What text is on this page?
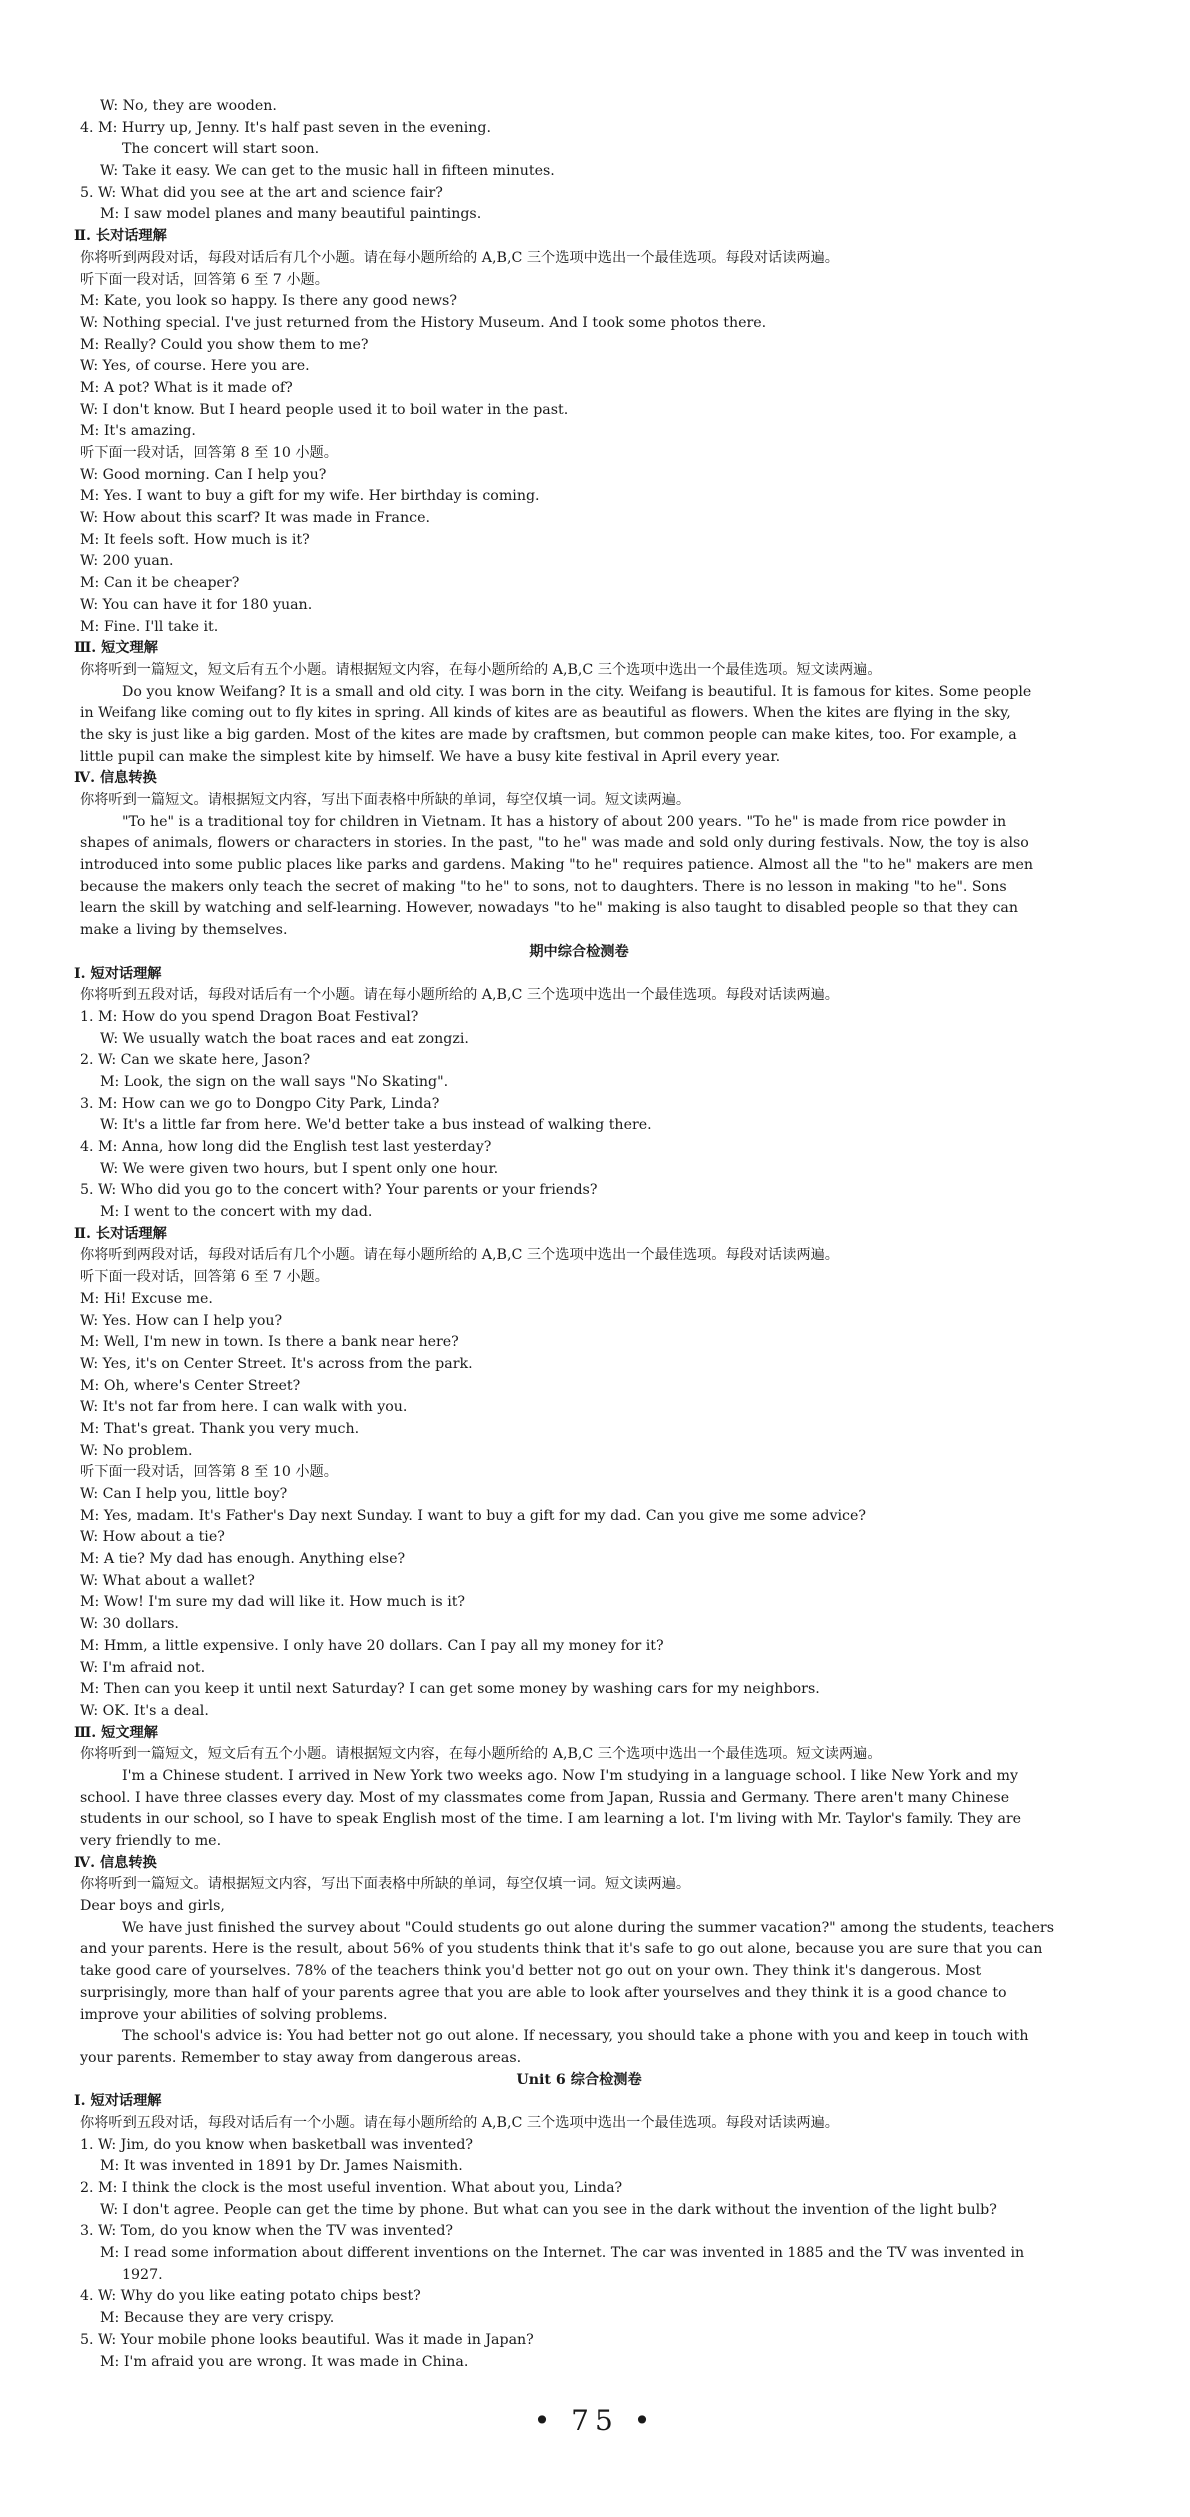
W: No, they are wooden.
4. M: Hurry up, Jenny. It's half past seven in the evening.
The concert will start soon.
W: Take it easy. We can get to the music hall in fifteen minutes.
5. W: What did you see at the art and science fair?
M: I saw model planes and many beautiful paintings.
Ⅱ. 长对话理解
你将听到两段对话，每段对话后有几个小题。请在每小题所给的 A,B,C 三个选项中选出一个最佳选项。每段对话读两遍。
听下面一段对话，回答第 6 至 7 小题。
M: Kate, you look so happy. Is there any good news?
W: Nothing special. I've just returned from the History Museum. And I took some photos there.
M: Really? Could you show them to me?
W: Yes, of course. Here you are.
M: A pot? What is it made of?
W: I don't know. But I heard people used it to boil water in the past.
M: It's amazing.
听下面一段对话，回答第 8 至 10 小题。
W: Good morning. Can I help you?
M: Yes. I want to buy a gift for my wife. Her birthday is coming.
W: How about this scarf? It was made in France.
M: It feels soft. How much is it?
W: 200 yuan.
M: Can it be cheaper?
W: You can have it for 180 yuan.
M: Fine. I'll take it.
Ⅲ. 短文理解
你将听到一篇短文，短文后有五个小题。请根据短文内容，在每小题所给的 A,B,C 三个选项中选出一个最佳选项。短文读两遍。
Do you know Weifang? It is a small and old city. I was born in the city. Weifang is beautiful. It is famous for kites. Some people
in Weifang like coming out to fly kites in spring. All kinds of kites are as beautiful as flowers. When the kites are flying in the sky,
the sky is just like a big garden. Most of the kites are made by craftsmen, but common people can make kites, too. For example, a
little pupil can make the simplest kite by himself. We have a busy kite festival in April every year.
Ⅳ. 信息转换
你将听到一篇短文。请根据短文内容，写出下面表格中所缺的单词，每空仅填一词。短文读两遍。
"To he" is a traditional toy for children in Vietnam. It has a history of about 200 years. "To he" is made from rice powder in
shapes of animals, flowers or characters in stories. In the past, "to he" was made and sold only during festivals. Now, the toy is also
introduced into some public places like parks and gardens. Making "to he" requires patience. Almost all the "to he" makers are men
because the makers only teach the secret of making "to he" to sons, not to daughters. There is no lesson in making "to he". Sons
learn the skill by watching and self-learning. However, nowadays "to he" making is also taught to disabled people so that they can
make a living by themselves.
期中综合检测卷
Ⅰ. 短对话理解
你将听到五段对话，每段对话后有一个小题。请在每小题所给的 A,B,C 三个选项中选出一个最佳选项。每段对话读两遍。
1. M: How do you spend Dragon Boat Festival?
W: We usually watch the boat races and eat zongzi.
2. W: Can we skate here, Jason?
M: Look, the sign on the wall says "No Skating".
3. M: How can we go to Dongpo City Park, Linda?
W: It's a little far from here. We'd better take a bus instead of walking there.
4. M: Anna, how long did the English test last yesterday?
W: We were given two hours, but I spent only one hour.
5. W: Who did you go to the concert with? Your parents or your friends?
M: I went to the concert with my dad.
Ⅱ. 长对话理解
你将听到两段对话，每段对话后有几个小题。请在每小题所给的 A,B,C 三个选项中选出一个最佳选项。每段对话读两遍。
听下面一段对话，回答第 6 至 7 小题。
M: Hi! Excuse me.
W: Yes. How can I help you?
M: Well, I'm new in town. Is there a bank near here?
W: Yes, it's on Center Street. It's across from the park.
M: Oh, where's Center Street?
W: It's not far from here. I can walk with you.
M: That's great. Thank you very much.
W: No problem.
听下面一段对话，回答第 8 至 10 小题。
W: Can I help you, little boy?
M: Yes, madam. It's Father's Day next Sunday. I want to buy a gift for my dad. Can you give me some advice?
W: How about a tie?
M: A tie? My dad has enough. Anything else?
W: What about a wallet?
M: Wow! I'm sure my dad will like it. How much is it?
W: 30 dollars.
M: Hmm, a little expensive. I only have 20 dollars. Can I pay all my money for it?
W: I'm afraid not.
M: Then can you keep it until next Saturday? I can get some money by washing cars for my neighbors.
W: OK. It's a deal.
Ⅲ. 短文理解
你将听到一篇短文，短文后有五个小题。请根据短文内容，在每小题所给的 A,B,C 三个选项中选出一个最佳选项。短文读两遍。
I'm a Chinese student. I arrived in New York two weeks ago. Now I'm studying in a language school. I like New York and my
school. I have three classes every day. Most of my classmates come from Japan, Russia and Germany. There aren't many Chinese
students in our school, so I have to speak English most of the time. I am learning a lot. I'm living with Mr. Taylor's family. They are
very friendly to me.
Ⅳ. 信息转换
你将听到一篇短文。请根据短文内容，写出下面表格中所缺的单词，每空仅填一词。短文读两遍。
Dear boys and girls,
We have just finished the survey about "Could students go out alone during the summer vacation?" among the students, teachers
and your parents. Here is the result, about 56% of you students think that it's safe to go out alone, because you are sure that you can
take good care of yourselves. 78% of the teachers think you'd better not go out on your own. They think it's dangerous. Most
surprisingly, more than half of your parents agree that you are able to look after yourselves and they think it is a good chance to
improve your abilities of solving problems.
The school's advice is: You had better not go out alone. If necessary, you should take a phone with you and keep in touch with
your parents. Remember to stay away from dangerous areas.
Unit 6 综合检测卷
Ⅰ. 短对话理解
你将听到五段对话，每段对话后有一个小题。请在每小题所给的 A,B,C 三个选项中选出一个最佳选项。每段对话读两遍。
1. W: Jim, do you know when basketball was invented?
M: It was invented in 1891 by Dr. James Naismith.
2. M: I think the clock is the most useful invention. What about you, Linda?
W: I don't agree. People can get the time by phone. But what can you see in the dark without the invention of the light bulb?
3. W: Tom, do you know when the TV was invented?
M: I read some information about different inventions on the Internet. The car was invented in 1885 and the TV was invented in
1927.
4. W: Why do you like eating potato chips best?
M: Because they are very crispy.
5. W: Your mobile phone looks beautiful. Was it made in Japan?
M: I'm afraid you are wrong. It was made in China.
• 75 •
